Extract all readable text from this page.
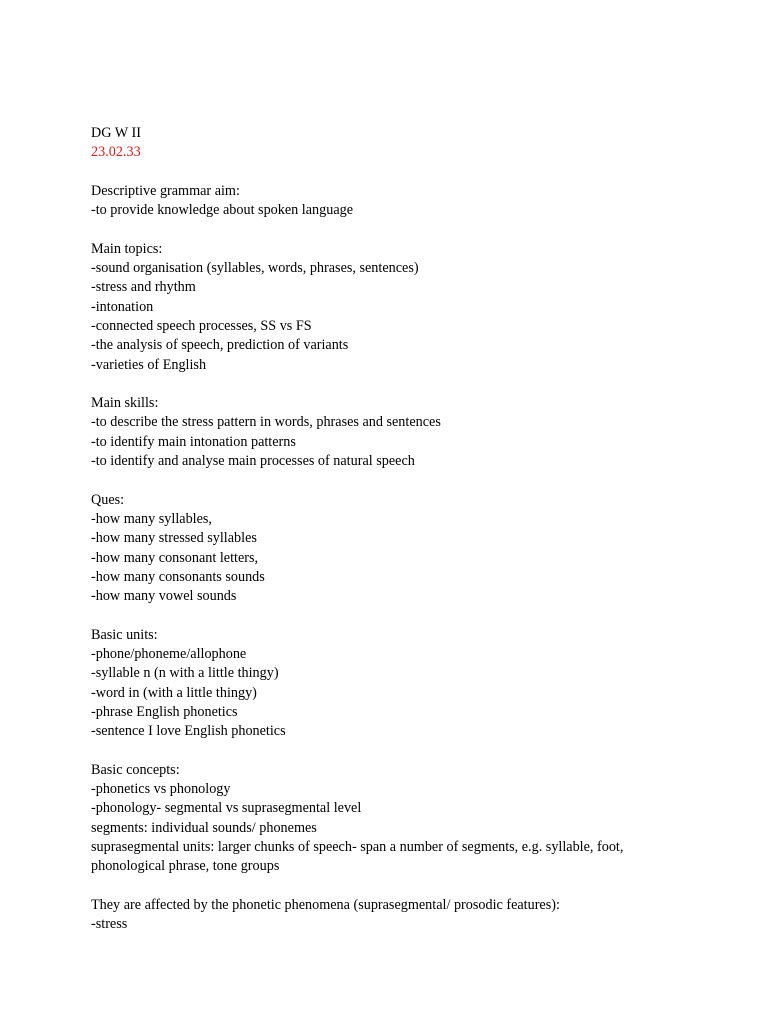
DG W II

23.02.33

Descriptive grammar aim:

-to provide knowledge about spoken language

Main topics:

-sound organisation (syllables, words, phrases, sentences)

-stress and rhythm

-intonation

-connected speech processes, SS vs FS

-the analysis of speech, prediction of variants

-varieties of English

Main skills:

-to describe the stress pattern in words, phrases and sentences

-to identify main intonation patterns

-to identify and analyse main processes of natural speech

Ques:

-how many syllables,

-how many stressed syllables

-how many consonant letters,

-how many consonants sounds

-how many vowel sounds

Basic units:

-phone/phoneme/allophone

-syllable n (n with a little thingy)

-word in (with a little thingy)

-phrase English phonetics

-sentence I love English phonetics

Basic concepts:

-phonetics vs phonology

-phonology- segmental vs suprasegmental level

segments: individual sounds/ phonemes

suprasegmental units: larger chunks of speech- span a number of segments, e.g. syllable, foot, phonological phrase, tone groups

They are affected by the phonetic phenomena (suprasegmental/ prosodic features):

-stress
